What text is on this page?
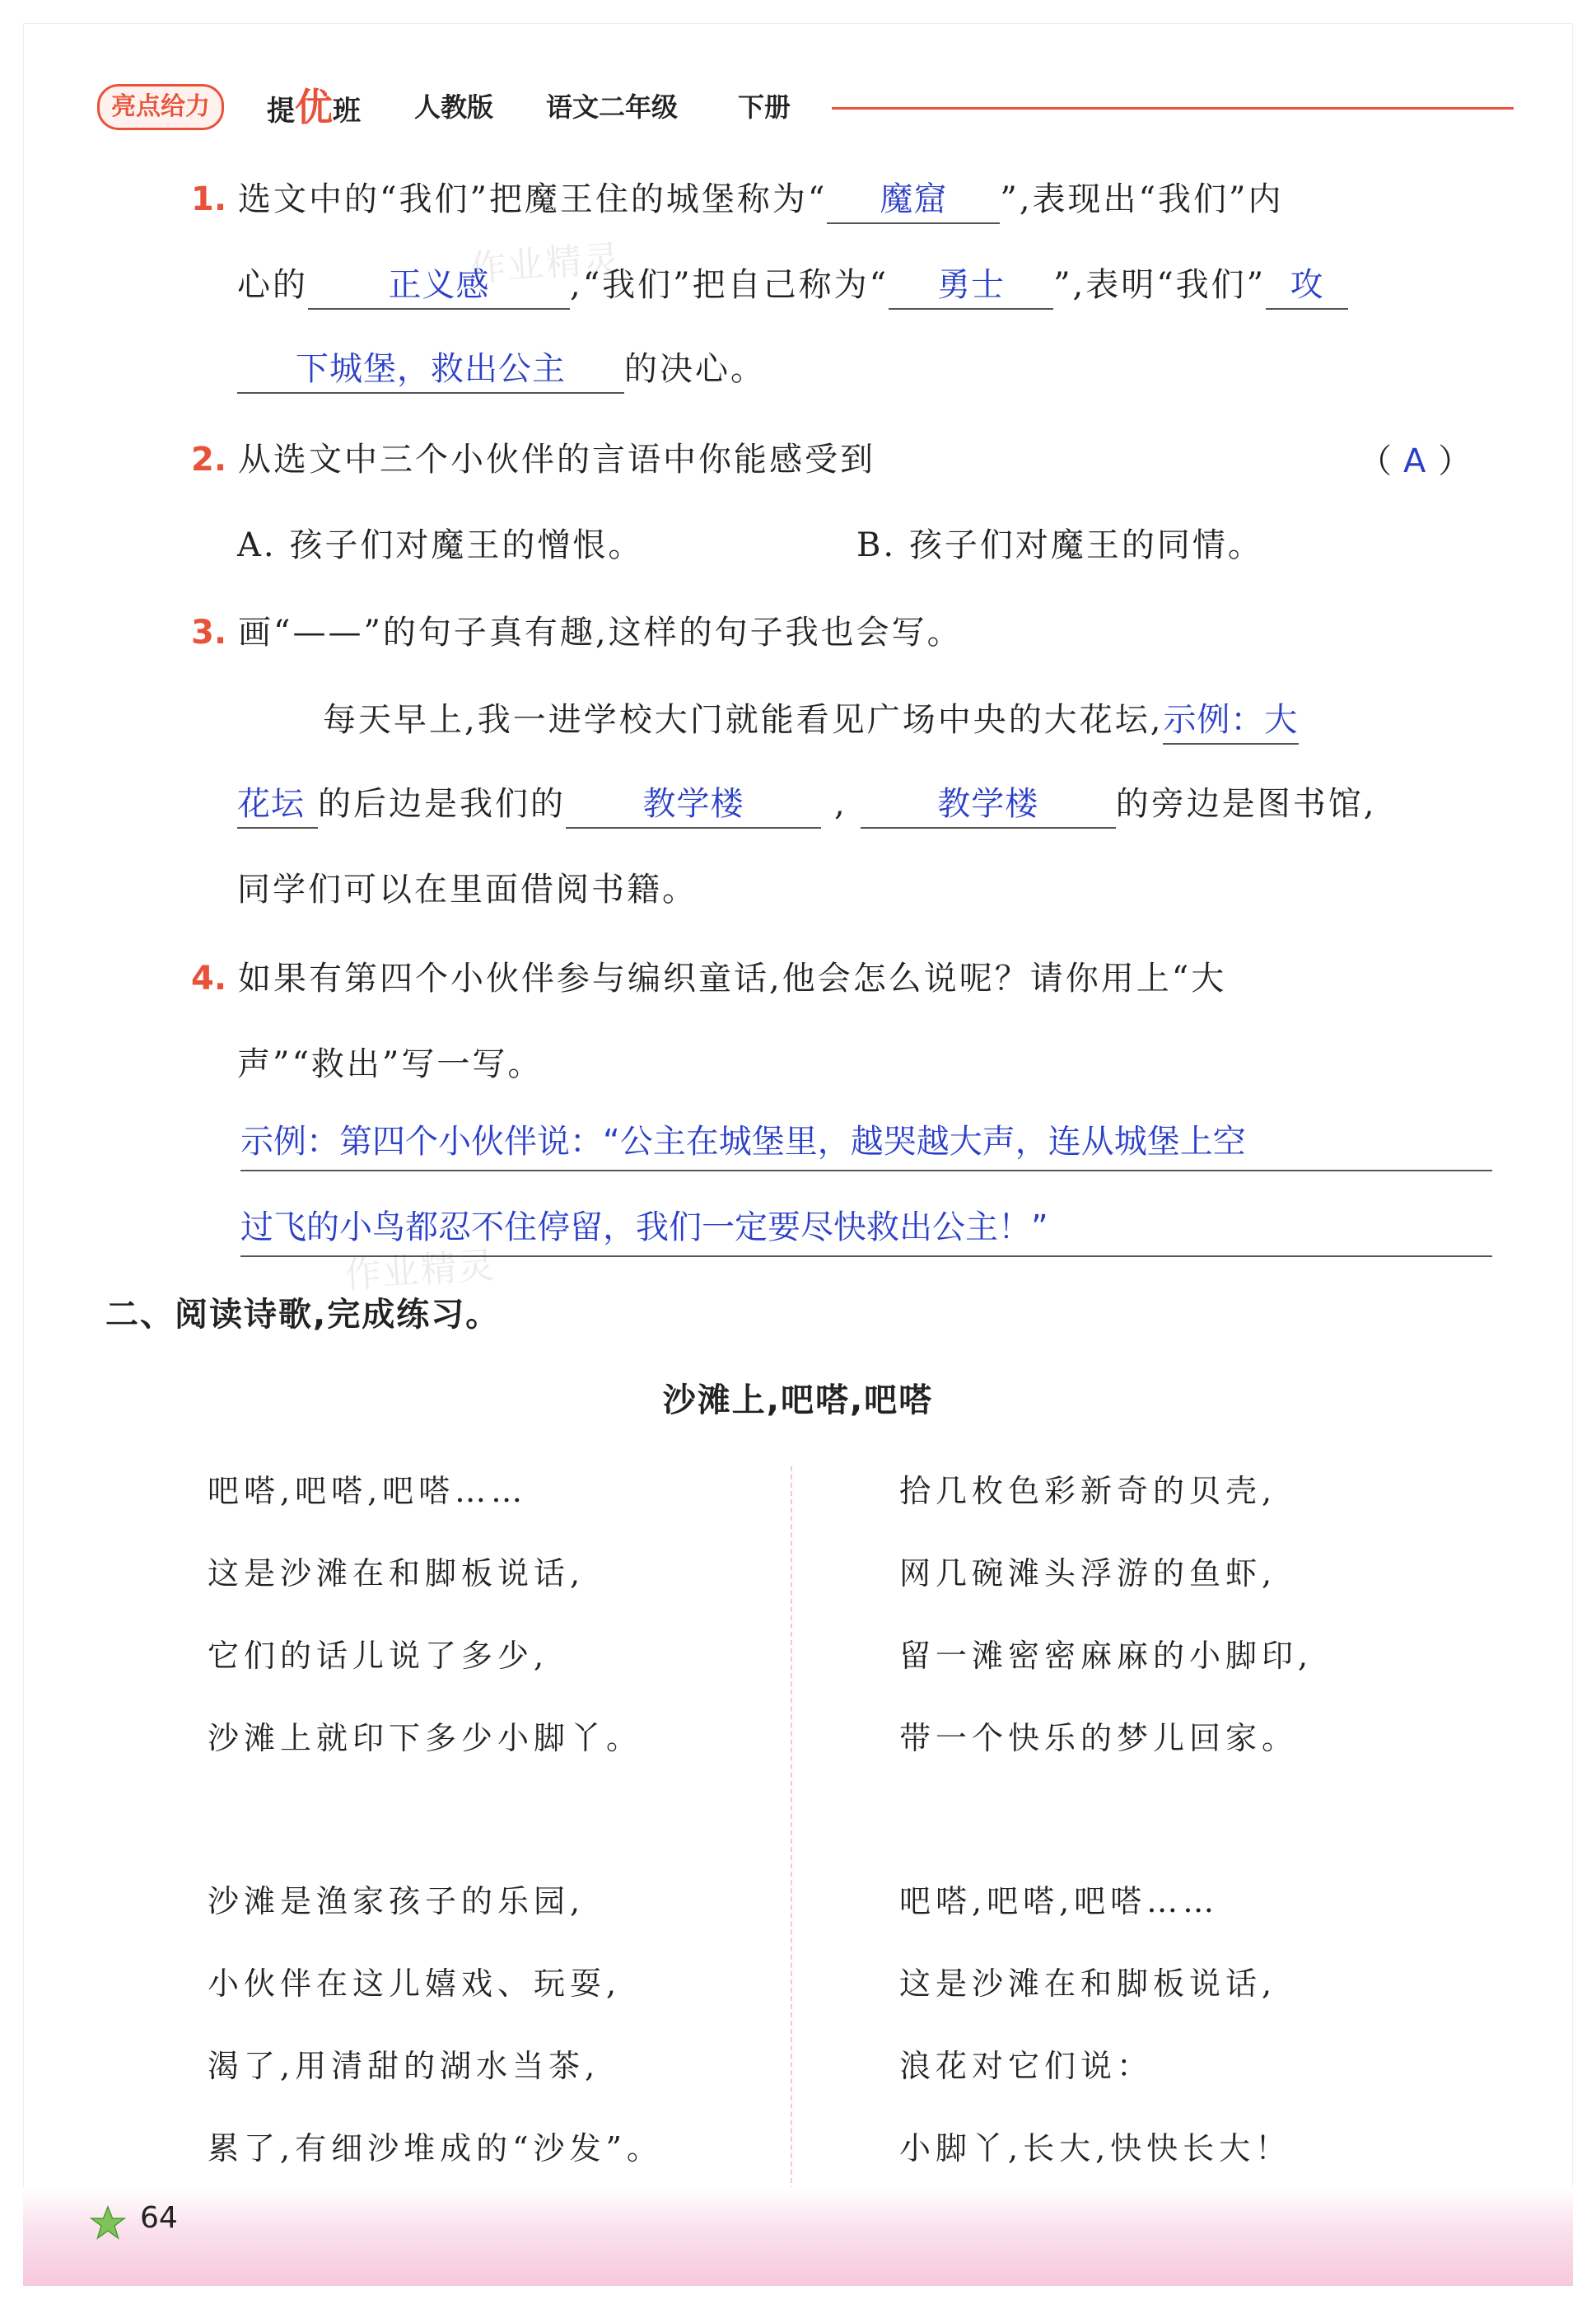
亮点给力	提优班 人教版 语文二年级 下册
1. 选文中的“我们”把魔王住的城堡称为“ 魔窟 ”,表现出“我们”内
心的 正义感 ,“我们”把自己称为“ 勇士 ”,表明“我们” 攻
下城堡，救出公主 的决心。
2. 从选文中三个小伙伴的言语中你能感受到	（ A ）
A. 孩子们对魔王的憎恨。	B. 孩子们对魔王的同情。
3. 画“——”的句子真有趣,这样的句子我也会写。
每天早上,我一进学校大门就能看见广场中央的大花坛,示例：大
花坛 的后边是我们的 教学楼	,	教学楼 的旁边是图书馆,
同学们可以在里面借阅书籍。
4. 如果有第四个小伙伴参与编织童话,他会怎么说呢？请你用上“大
声”“救出”写一写。
示例：第四个小伙伴说：“公主在城堡里，越哭越大声，连从城堡上空
过飞的小鸟都忍不住停留，我们一定要尽快救出公主！”
二、阅读诗歌,完成练习。
沙滩上,吧嗒,吧嗒
吧嗒,吧嗒,吧嗒……
这是沙滩在和脚板说话,
它们的话儿说了多少,
沙滩上就印下多少小脚丫。
拾几枚色彩新奇的贝壳,
网几碗滩头浮游的鱼虾,
留一滩密密麻麻的小脚印,
带一个快乐的梦儿回家。
沙滩是渔家孩子的乐园,
小伙伴在这儿嬉戏、玩耍,
渴了,用清甜的湖水当茶,
累了,有细沙堆成的“沙发”。
吧嗒,吧嗒,吧嗒……
这是沙滩在和脚板说话,
浪花对它们说：
小脚丫,长大,快快长大！
作业精灵
作业精灵
64
